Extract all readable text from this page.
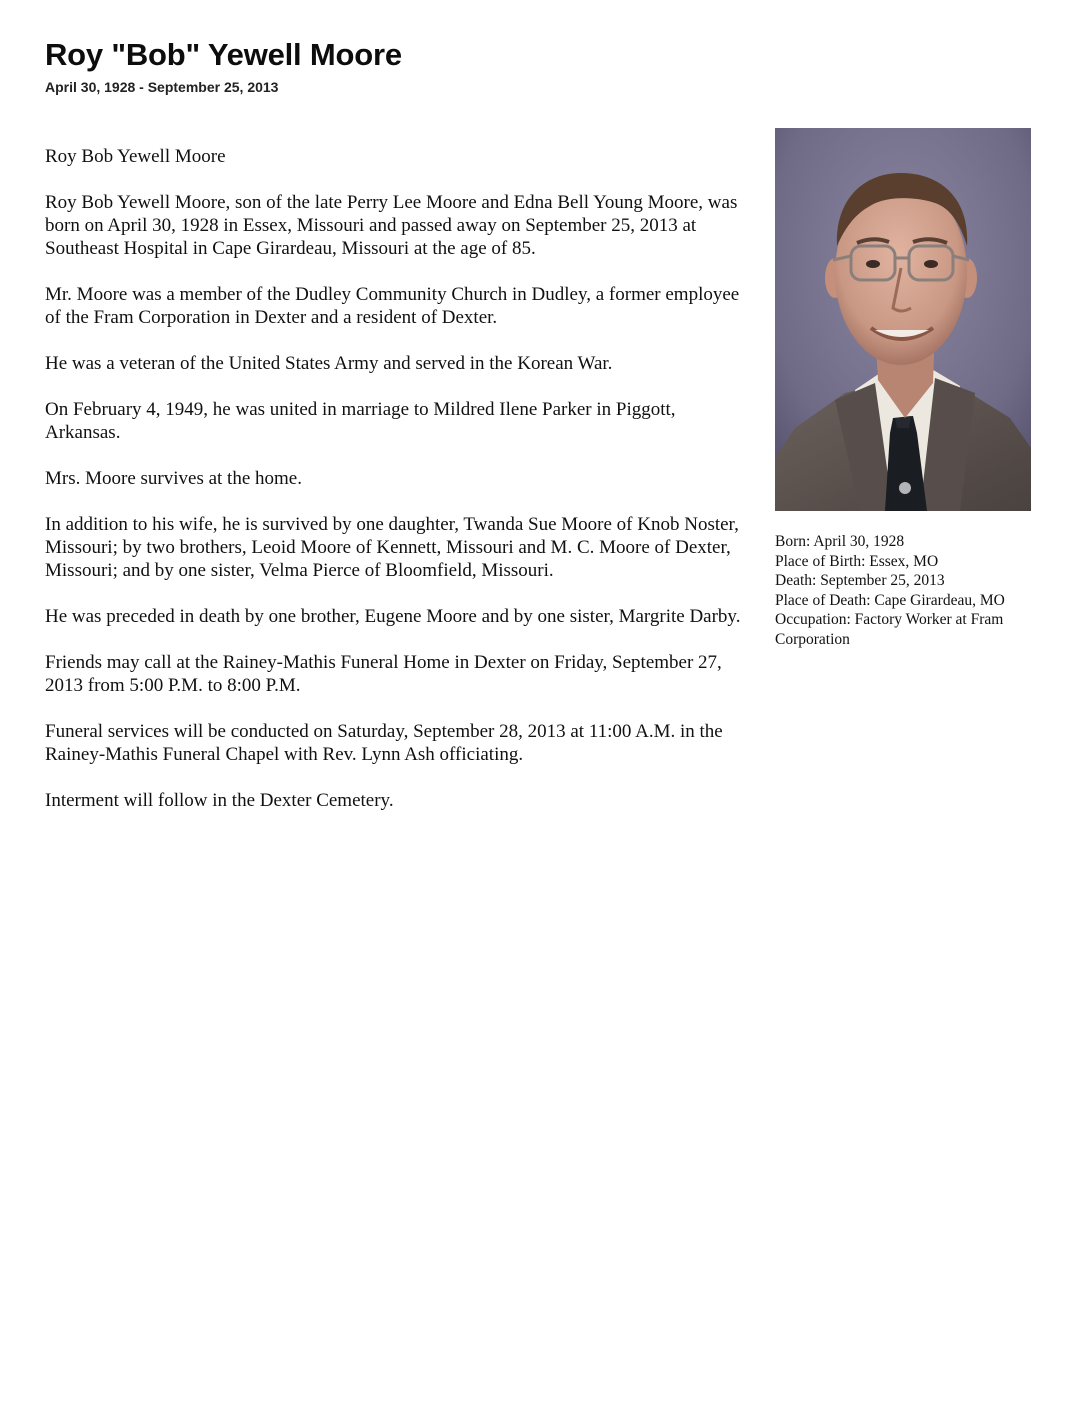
Roy "Bob" Yewell Moore
April 30, 1928 - September 25, 2013

Roy Bob Yewell Moore

Roy Bob Yewell Moore, son of the late Perry Lee Moore and Edna Bell Young Moore, was born on April 30, 1928 in Essex, Missouri and passed away on September 25, 2013 at Southeast Hospital in Cape Girardeau, Missouri at the age of 85.

Mr. Moore was a member of the Dudley Community Church in Dudley, a former employee of the Fram Corporation in Dexter and a resident of Dexter.

He was a veteran of the United States Army and served in the Korean War.

On February 4, 1949, he was united in marriage to Mildred Ilene Parker in Piggott, Arkansas.

Mrs. Moore survives at the home.

In addition to his wife, he is survived by one daughter, Twanda Sue Moore of Knob Noster, Missouri; by two brothers, Leoid Moore of Kennett, Missouri and M. C. Moore of Dexter, Missouri; and by one sister, Velma Pierce of Bloomfield, Missouri.

He was preceded in death by one brother, Eugene Moore and by one sister, Margrite Darby.

Friends may call at the Rainey-Mathis Funeral Home in Dexter on Friday, September 27, 2013 from 5:00 P.M. to 8:00 P.M.

Funeral services will be conducted on Saturday, September 28, 2013 at 11:00 A.M. in the Rainey-Mathis Funeral Chapel with Rev. Lynn Ash officiating.

Interment will follow in the Dexter Cemetery.

Born: April 30, 1928

Place of Birth: Essex, MO

Death: September 25, 2013

Place of Death: Cape Girardeau, MO

Occupation: Factory Worker at Fram Corporation
